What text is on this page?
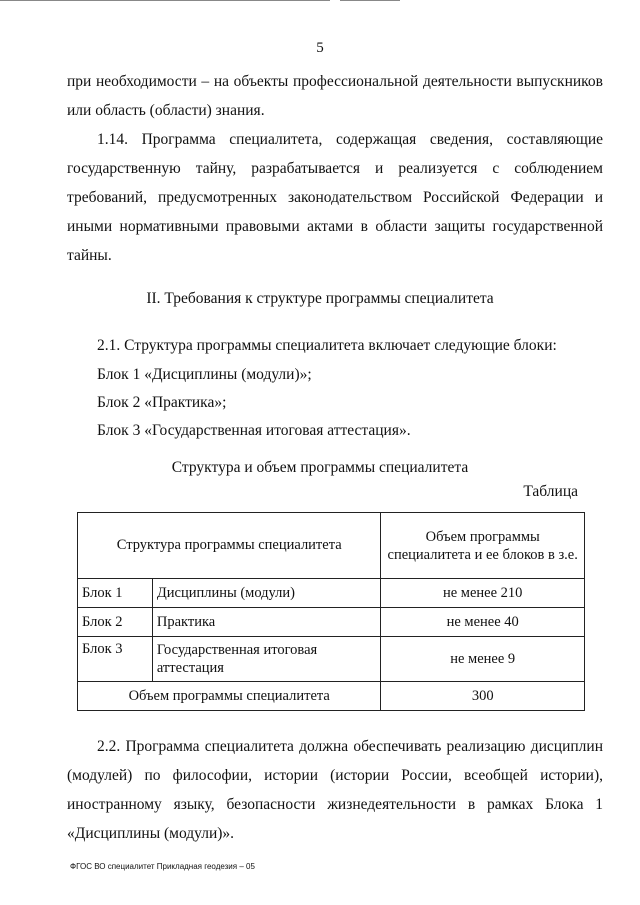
5
при необходимости – на объекты профессиональной деятельности выпускников или область (области) знания.
1.14. Программа специалитета, содержащая сведения, составляющие государственную тайну, разрабатывается и реализуется с соблюдением требований, предусмотренных законодательством Российской Федерации и иными нормативными правовыми актами в области защиты государственной тайны.
II. Требования к структуре программы специалитета
2.1. Структура программы специалитета включает следующие блоки:
Блок 1 «Дисциплины (модули)»;
Блок 2 «Практика»;
Блок 3 «Государственная итоговая аттестация».
Структура и объем программы специалитета
Таблица
Структура программы специалитета		Объем программы специалитета и ее блоков в з.е.
Блок 1	Дисциплины (модули)	не менее 210
Блок 2	Практика	не менее 40
Блок 3	Государственная итоговая аттестация	не менее 9
Объем программы специалитета		300
2.2. Программа специалитета должна обеспечивать реализацию дисциплин (модулей) по философии, истории (истории России, всеобщей истории), иностранному языку, безопасности жизнедеятельности в рамках Блока 1 «Дисциплины (модули)».
ФГОС ВО специалитет Прикладная геодезия – 05
